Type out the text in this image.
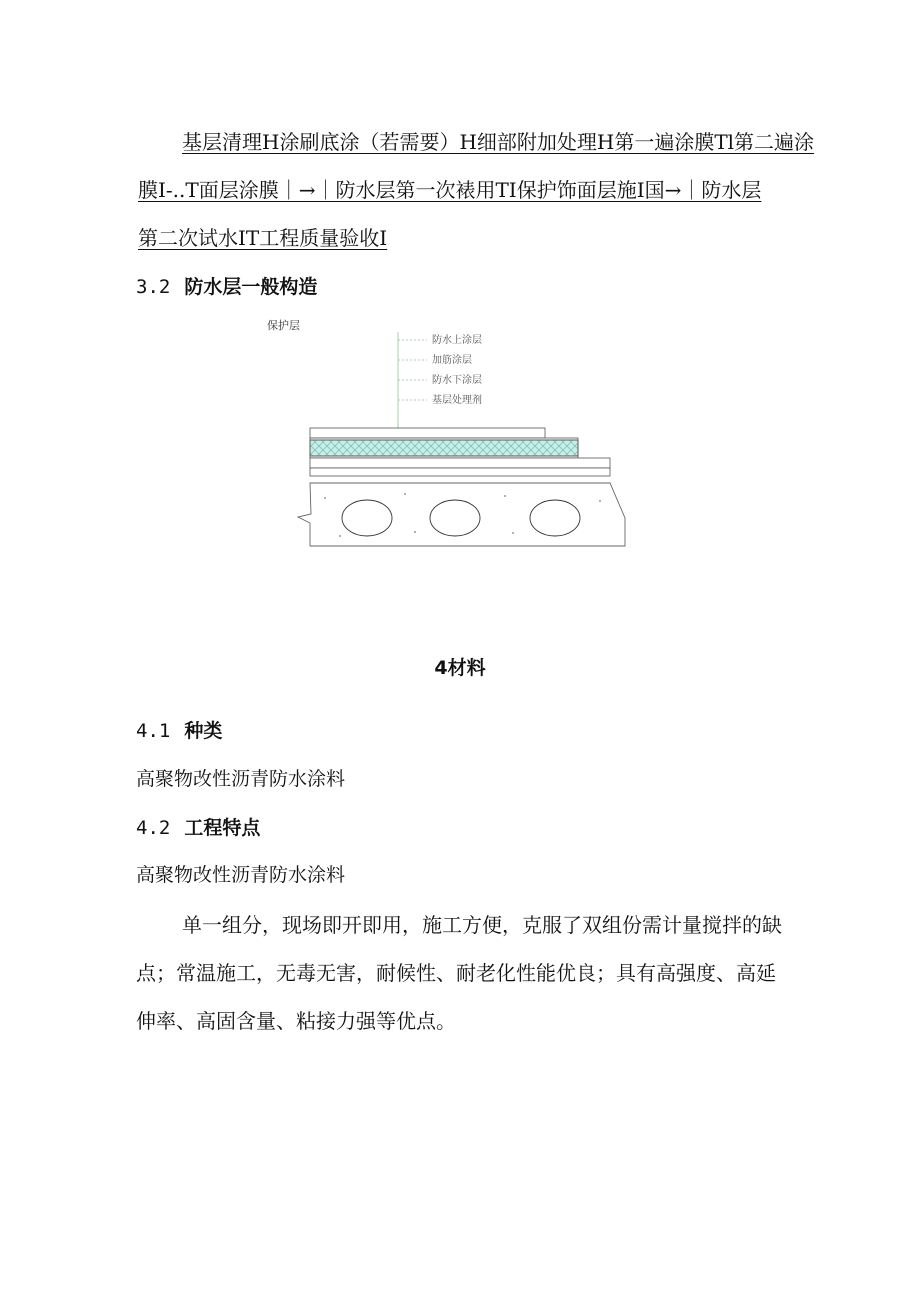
基层清理H涂刷底涂（若需要）H细部附加处理H第一遍涂膜Tl第二遍涂
膜I-..T面层涂膜｜→｜防水层第一次裱用TI保护饰面层施I国→｜防水层
第二次试水IT工程质量验收I
3.2 防水层一般构造
保护层
防水上涂层
加筋涂层
防水下涂层
基层处理剂
4材料
4.1 种类
高聚物改性沥青防水涂料
4.2 工程特点
高聚物改性沥青防水涂料
单一组分，现场即开即用，施工方便，克服了双组份需计量搅拌的缺
点；常温施工，无毒无害，耐候性、耐老化性能优良；具有高强度、高延
伸率、高固含量、粘接力强等优点。
